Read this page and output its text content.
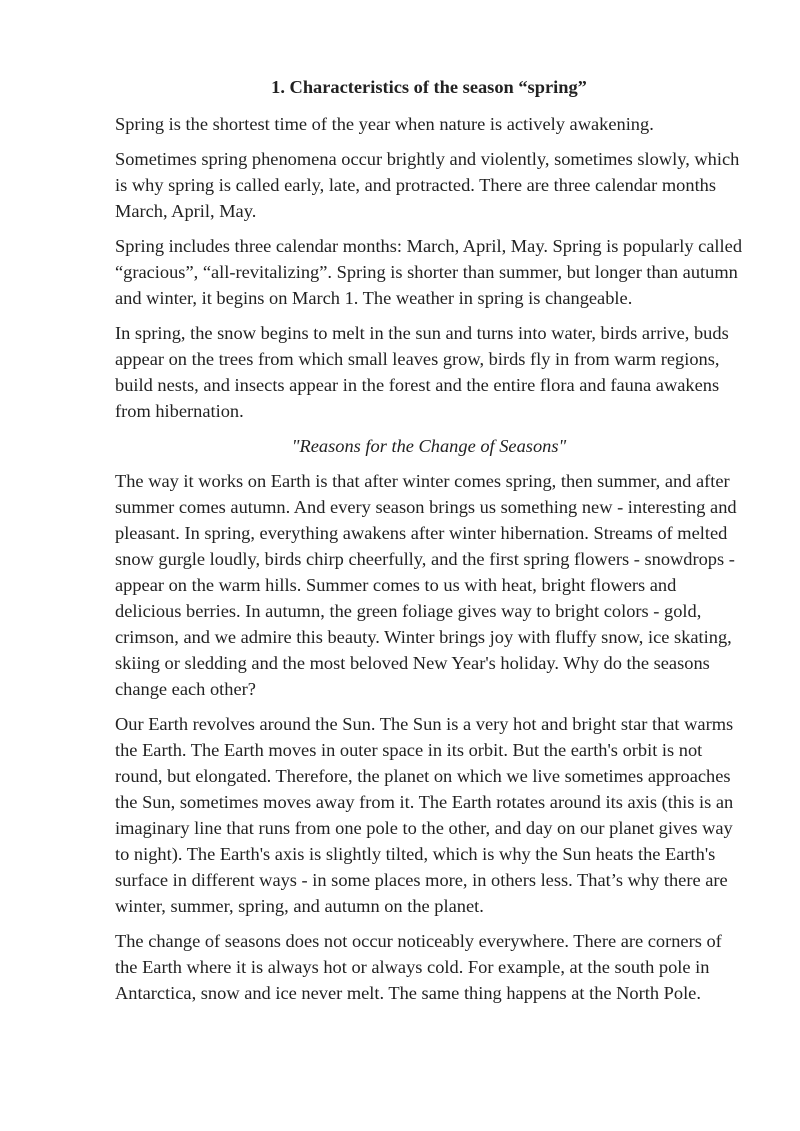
1. Characteristics of the season “spring”

Spring is the shortest time of the year when nature is actively awakening.

Sometimes spring phenomena occur brightly and violently, sometimes slowly, which is why spring is called early, late, and protracted. There are three calendar months March, April, May.

Spring includes three calendar months: March, April, May. Spring is popularly called “gracious”, “all-revitalizing”. Spring is shorter than summer, but longer than autumn and winter, it begins on March 1. The weather in spring is changeable.

In spring, the snow begins to melt in the sun and turns into water, birds arrive, buds appear on the trees from which small leaves grow, birds fly in from warm regions, build nests, and insects appear in the forest and the entire flora and fauna awakens from hibernation.

"Reasons for the Change of Seasons"

The way it works on Earth is that after winter comes spring, then summer, and after summer comes autumn. And every season brings us something new - interesting and pleasant. In spring, everything awakens after winter hibernation. Streams of melted snow gurgle loudly, birds chirp cheerfully, and the first spring flowers - snowdrops - appear on the warm hills. Summer comes to us with heat, bright flowers and delicious berries. In autumn, the green foliage gives way to bright colors - gold, crimson, and we admire this beauty. Winter brings joy with fluffy snow, ice skating, skiing or sledding and the most beloved New Year's holiday. Why do the seasons change each other?

Our Earth revolves around the Sun. The Sun is a very hot and bright star that warms the Earth. The Earth moves in outer space in its orbit. But the earth's orbit is not round, but elongated. Therefore, the planet on which we live sometimes approaches the Sun, sometimes moves away from it. The Earth rotates around its axis (this is an imaginary line that runs from one pole to the other, and day on our planet gives way to night). The Earth's axis is slightly tilted, which is why the Sun heats the Earth's surface in different ways - in some places more, in others less. That’s why there are winter, summer, spring, and autumn on the planet.

The change of seasons does not occur noticeably everywhere. There are corners of the Earth where it is always hot or always cold. For example, at the south pole in Antarctica, snow and ice never melt. The same thing happens at the North Pole.
